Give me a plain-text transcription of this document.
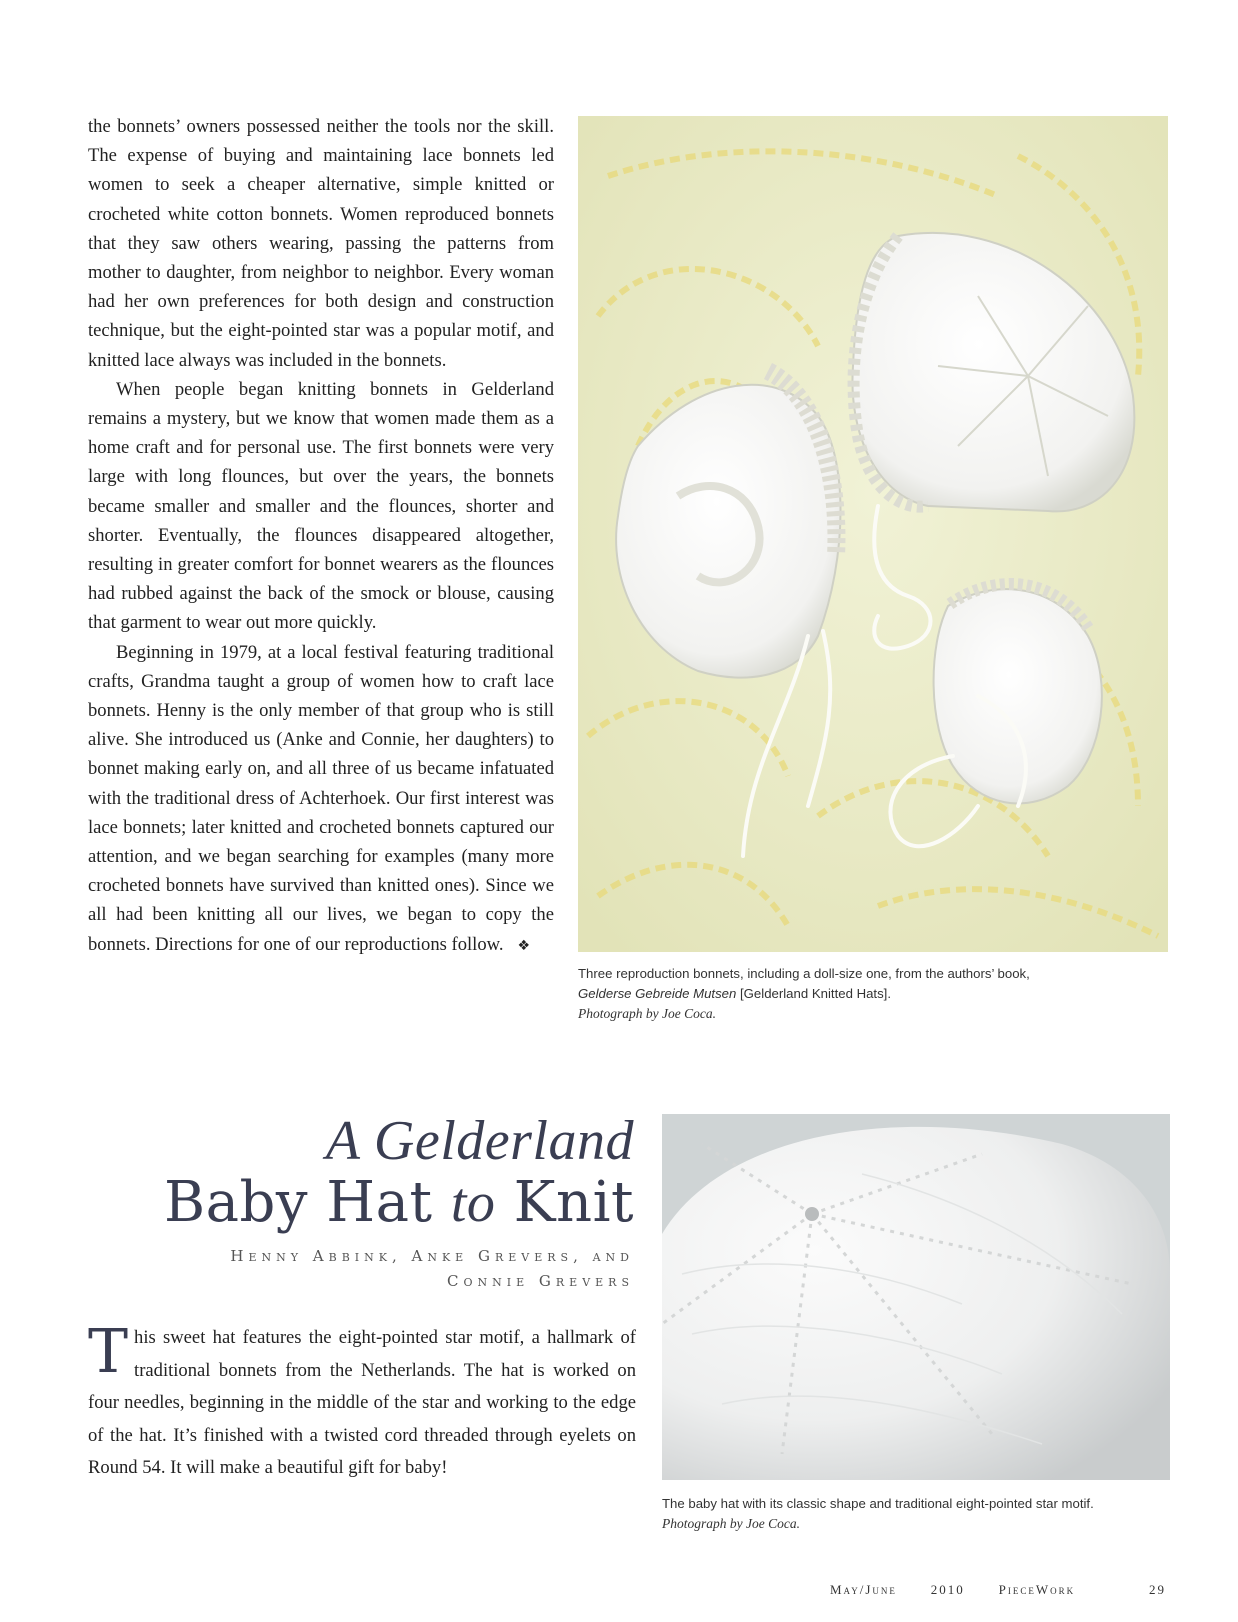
the bonnets’ owners possessed neither the tools nor the skill. The expense of buying and maintaining lace bonnets led women to seek a cheaper alternative, simple knitted or crocheted white cotton bonnets. Women reproduced bonnets that they saw others wearing, passing the patterns from mother to daughter, from neighbor to neighbor. Every woman had her own preferences for both design and construction technique, but the eight-pointed star was a popular motif, and knitted lace always was included in the bonnets.

When people began knitting bonnets in Gelderland remains a mystery, but we know that women made them as a home craft and for personal use. The first bonnets were very large with long flounces, but over the years, the bonnets became smaller and smaller and the flounces, shorter and shorter. Eventually, the flounces disappeared altogether, resulting in greater comfort for bonnet wearers as the flounces had rubbed against the back of the smock or blouse, causing that garment to wear out more quickly.

Beginning in 1979, at a local festival featuring traditional crafts, Grandma taught a group of women how to craft lace bonnets. Henny is the only member of that group who is still alive. She introduced us (Anke and Connie, her daughters) to bonnet making early on, and all three of us became infatuated with the traditional dress of Achterhoek. Our first interest was lace bonnets; later knitted and crocheted bonnets captured our attention, and we began searching for examples (many more crocheted bonnets have survived than knitted ones). Since we all had been knitting all our lives, we began to copy the bonnets. Directions for one of our reproductions follow. ❖

Three reproduction bonnets, including a doll-size one, from the authors’ book,
Gelderse Gebreide Mutsen [Gelderland Knitted Hats].
Photograph by Joe Coca.
A Gelderland
Baby Hat to Knit
Henny Abbink, Anke Grevers, and
Connie Grevers
This sweet hat features the eight-pointed star motif, a hallmark of traditional bonnets from the Netherlands. The hat is worked on four needles, beginning in the middle of the star and working to the edge of the hat. It’s finished with a twisted cord threaded through eyelets on Round 54. It will make a beautiful gift for baby!
The baby hat with its classic shape and traditional eight-pointed star motif.
Photograph by Joe Coca.
May/June	2010	PieceWork	29
